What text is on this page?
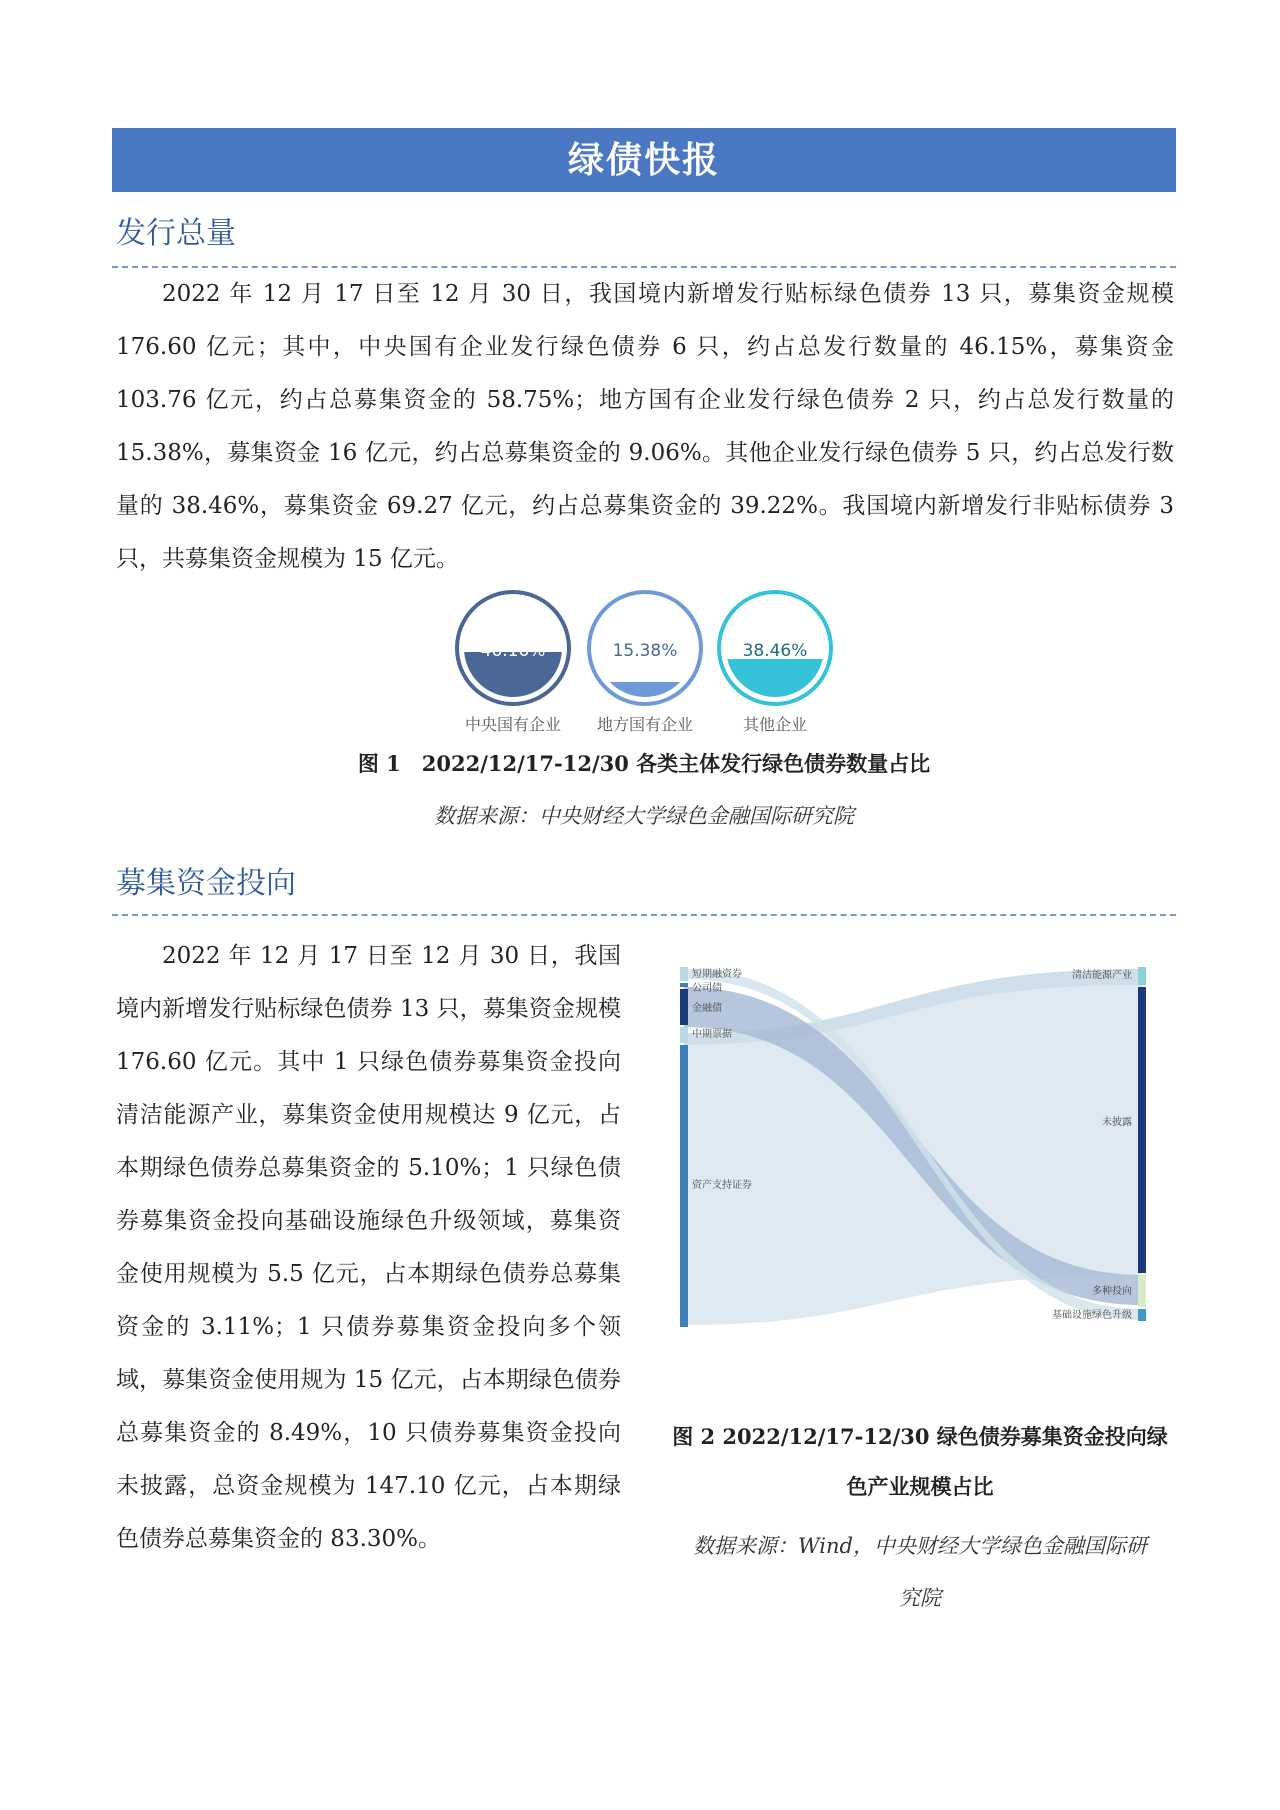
绿债快报
发行总量

2022 年 12 月 17 日至 12 月 30 日，我国境内新增发行贴标绿色债券 13 只，募集资金规模 176.60 亿元；其中，中央国有企业发行绿色债券 6 只，约占总发行数量的 46.15%，募集资金 103.76 亿元，约占总募集资金的 58.75%；地方国有企业发行绿色债券 2 只，约占总发行数量的 15.38%，募集资金 16 亿元，约占总募集资金的 9.06%。其他企业发行绿色债券 5 只，约占总发行数量的 38.46%，募集资金 69.27 亿元，约占总募集资金的 39.22%。我国境内新增发行非贴标债券 3 只，共募集资金规模为 15 亿元。

46.16%
中央国有企业
15.38%
地方国有企业
38.46%
其他企业
图 1　2022/12/17-12/30 各类主体发行绿色债券数量占比
数据来源：中央财经大学绿色金融国际研究院
募集资金投向

2022 年 12 月 17 日至 12 月 30 日，我国境内新增发行贴标绿色债券 13 只，募集资金规模 176.60 亿元。其中 1 只绿色债券募集资金投向清洁能源产业，募集资金使用规模达 9 亿元，占本期绿色债券总募集资金的 5.10%；1 只绿色债券募集资金投向基础设施绿色升级领域，募集资金使用规模为 5.5 亿元，占本期绿色债券总募集资金的 3.11%；1 只债券募集资金投向多个领域，募集资金使用规为 15 亿元，占本期绿色债券总募集资金的 8.49%，10 只债券募集资金投向未披露，总资金规模为 147.10 亿元，占本期绿色债券总募集资金的 83.30%。

短期融资券
公司债
金融债
中期票据
资产支持证券
清洁能源产业
未披露
多种投向
基础设施绿色升级
图 2 2022/12/17-12/30 绿色债券募集资金投向绿
色产业规模占比
数据来源：Wind，中央财经大学绿色金融国际研
究院
